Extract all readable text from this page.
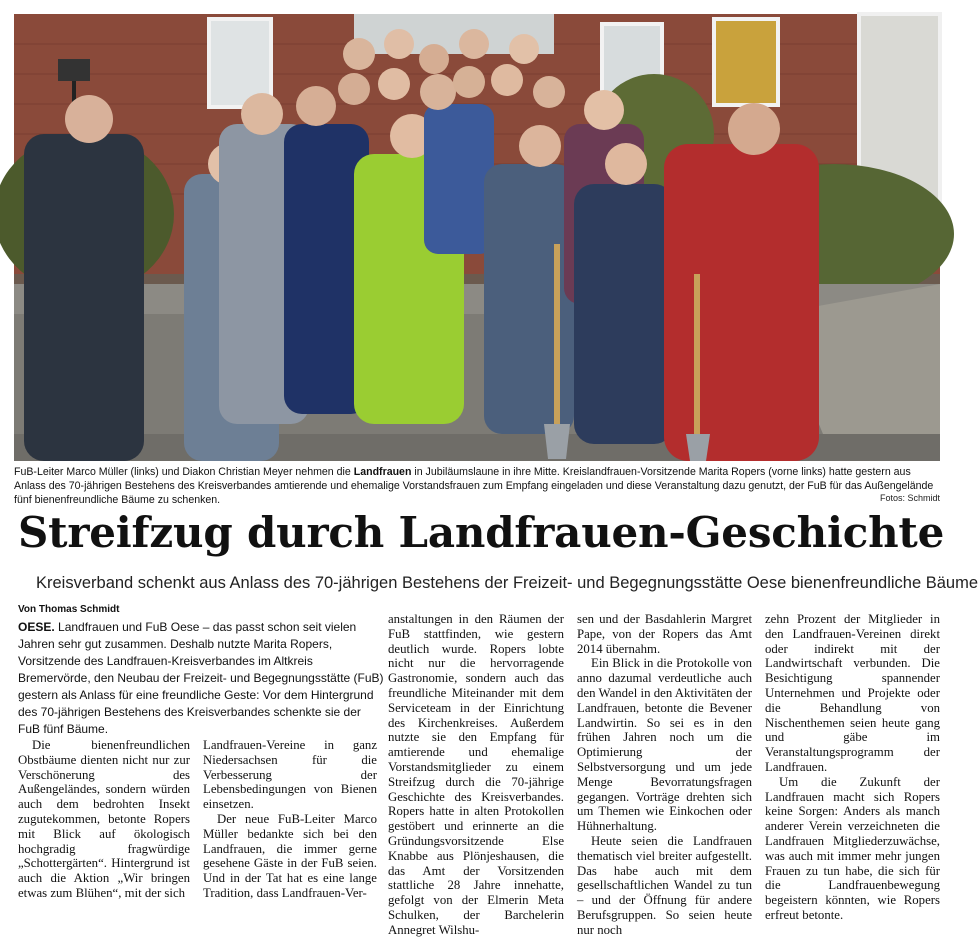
FuB-Leiter Marco Müller (links) und Diakon Christian Meyer nehmen die Landfrauen in Jubiläumslaune in ihre Mitte. Kreislandfrauen-Vorsitzende Marita Ropers (vorne links) hatte gestern aus Anlass des 70-jährigen Bestehens des Kreisverbandes amtierende und ehemalige Vorstandsfrauen zum Empfang eingeladen und diese Veranstaltung dazu genutzt, der FuB für das Außengelände fünf bienenfreundliche Bäume zu schenken.	Fotos: Schmidt
Streifzug durch Landfrauen-Geschichte
Kreisverband schenkt aus Anlass des 70-jährigen Bestehens der Freizeit- und Begegnungsstätte Oese bienenfreundliche Bäume
Von Thomas Schmidt
OESE. Landfrauen und FuB Oese – das passt schon seit vielen Jahren sehr gut zusammen. Deshalb nutzte Marita Ropers, Vorsitzende des Landfrauen-Kreisverbandes im Altkreis Bremervörde, den Neubau der Freizeit- und Begegnungsstätte (FuB) gestern als Anlass für eine freundliche Geste: Vor dem Hintergrund des 70-jährigen Bestehens des Kreisverbandes schenkte sie der FuB fünf Bäume.

Die bienenfreundlichen Obstbäume dienten nicht nur zur Verschönerung des Außengeländes, sondern würden auch dem bedrohten Insekt zugutekommen, betonte Ropers mit Blick auf ökologisch hochgradig fragwürdige „Schottergärten“. Hintergrund ist auch die Aktion „Wir bringen etwas zum Blühen“, mit der sich

Landfrauen-Vereine in ganz Niedersachsen für die Verbesserung der Lebensbedingungen von Bienen einsetzen.

Der neue FuB-Leiter Marco Müller bedankte sich bei den Landfrauen, die immer gerne gesehene Gäste in der FuB seien. Und in der Tat hat es eine lange Tradition, dass Landfrauen-Ver-

anstaltungen in den Räumen der FuB stattfinden, wie gestern deutlich wurde. Ropers lobte nicht nur die hervorragende Gastronomie, sondern auch das freundliche Miteinander mit dem Serviceteam in der Einrichtung des Kirchenkreises. Außerdem nutzte sie den Empfang für amtierende und ehemalige Vorstandsmitglieder zu einem Streifzug durch die 70-jährige Geschichte des Kreisverbandes. Ropers hatte in alten Protokollen gestöbert und erinnerte an die Gründungsvorsitzende Else Knabbe aus Plönjeshausen, die das Amt der Vorsitzenden stattliche 28 Jahre innehatte, gefolgt von der Elmerin Meta Schulken, der Barchelerin Annegret Wilshu-

sen und der Basdahlerin Margret Pape, von der Ropers das Amt 2014 übernahm.

Ein Blick in die Protokolle von anno dazumal verdeutliche auch den Wandel in den Aktivitäten der Landfrauen, betonte die Bevener Landwirtin. So sei es in den frühen Jahren noch um die Optimierung der Selbstversorgung und um jede Menge Bevorratungsfragen gegangen. Vorträge drehten sich um Themen wie Einkochen oder Hühnerhaltung.

Heute seien die Landfrauen thematisch viel breiter aufgestellt. Das habe auch mit dem gesellschaftlichen Wandel zu tun – und der Öffnung für andere Berufsgruppen. So seien heute nur noch

zehn Prozent der Mitglieder in den Landfrauen-Vereinen direkt oder indirekt mit der Landwirtschaft verbunden. Die Besichtigung spannender Unternehmen und Projekte oder die Behandlung von Nischenthemen seien heute gang und gäbe im Veranstaltungsprogramm der Landfrauen.

Um die Zukunft der Landfrauen macht sich Ropers keine Sorgen: Anders als manch anderer Verein verzeichneten die Landfrauen Mitgliederzuwächse, was auch mit immer mehr jungen Frauen zu tun habe, die sich für die Landfrauenbewegung begeistern könnten, wie Ropers erfreut betonte.
